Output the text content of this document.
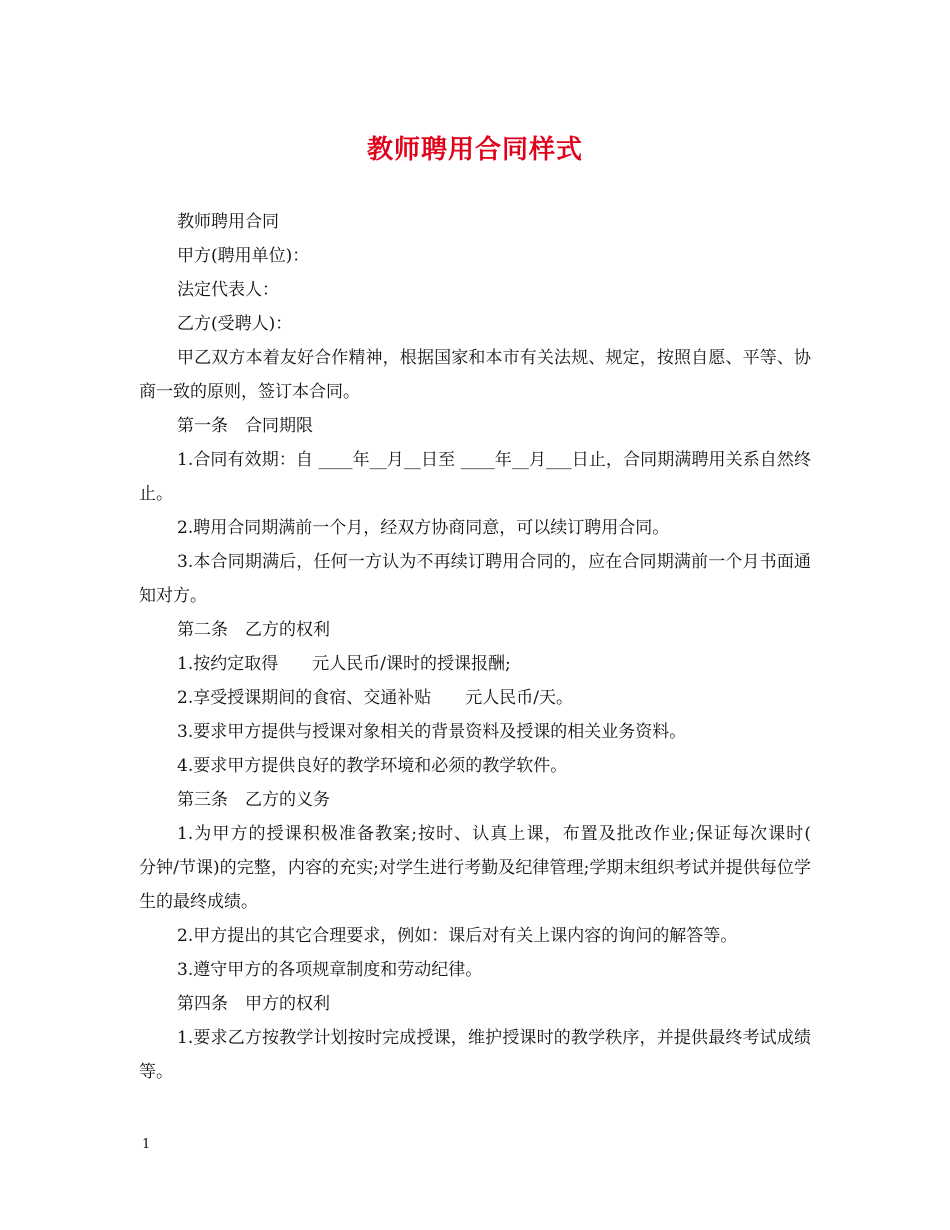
教师聘用合同样式

教师聘用合同

甲方(聘用单位)：

法定代表人：

乙方(受聘人)：

甲乙双方本着友好合作精神，根据国家和本市有关法规、规定，按照自愿、平等、协商一致的原则，签订本合同。

第一条　合同期限

1.合同有效期：自 ____年__月__日至 ____年__月___日止，合同期满聘用关系自然终止。

2.聘用合同期满前一个月，经双方协商同意，可以续订聘用合同。

3.本合同期满后，任何一方认为不再续订聘用合同的，应在合同期满前一个月书面通知对方。

第二条　乙方的权利

1.按约定取得　　元人民币/课时的授课报酬;

2.享受授课期间的食宿、交通补贴　　元人民币/天。

3.要求甲方提供与授课对象相关的背景资料及授课的相关业务资料。

4.要求甲方提供良好的教学环境和必须的教学软件。

第三条　乙方的义务

1.为甲方的授课积极准备教案;按时、认真上课，布置及批改作业;保证每次课时(　　分钟/节课)的完整，内容的充实;对学生进行考勤及纪律管理;学期末组织考试并提供每位学生的最终成绩。

2.甲方提出的其它合理要求，例如：课后对有关上课内容的询问的解答等。

3.遵守甲方的各项规章制度和劳动纪律。

第四条　甲方的权利

1.要求乙方按教学计划按时完成授课，维护授课时的教学秩序，并提供最终考试成绩等。

1
